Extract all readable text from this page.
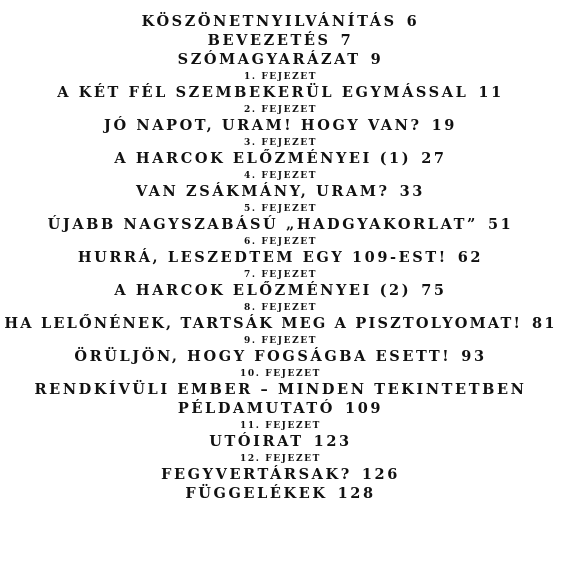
KÖSZÖNETNYILVÁNÍTÁS 6
BEVEZETÉS 7
SZÓMAGYARÁZAT 9
1. FEJEZET
A KÉT FÉL SZEMBEKERÜL EGYMÁSSAL 11
2. FEJEZET
JÓ NAPOT, URAM! HOGY VAN? 19
3. FEJEZET
A HARCOK ELŐZMÉNYEI (1) 27
4. FEJEZET
VAN ZSÁKMÁNY, URAM? 33
5. FEJEZET
ÚJABB NAGYSZABÁSÚ „HADGYAKORLAT” 51
6. FEJEZET
HURRÁ, LESZEDTEM EGY 109-EST! 62
7. FEJEZET
A HARCOK ELŐZMÉNYEI (2) 75
8. FEJEZET
HA LELŐNÉNEK, TARTSÁK MEG A PISZTOLYOMAT! 81
9. FEJEZET
ÖRÜLJÖN, HOGY FOGSÁGBA ESETT! 93
10. FEJEZET
RENDKÍVÜLI EMBER – MINDEN TEKINTETBEN
PÉLDAMUTATÓ 109
11. FEJEZET
UTÓIRAT 123
12. FEJEZET
FEGYVERTÁRSAK? 126
FÜGGELÉKEK 128
